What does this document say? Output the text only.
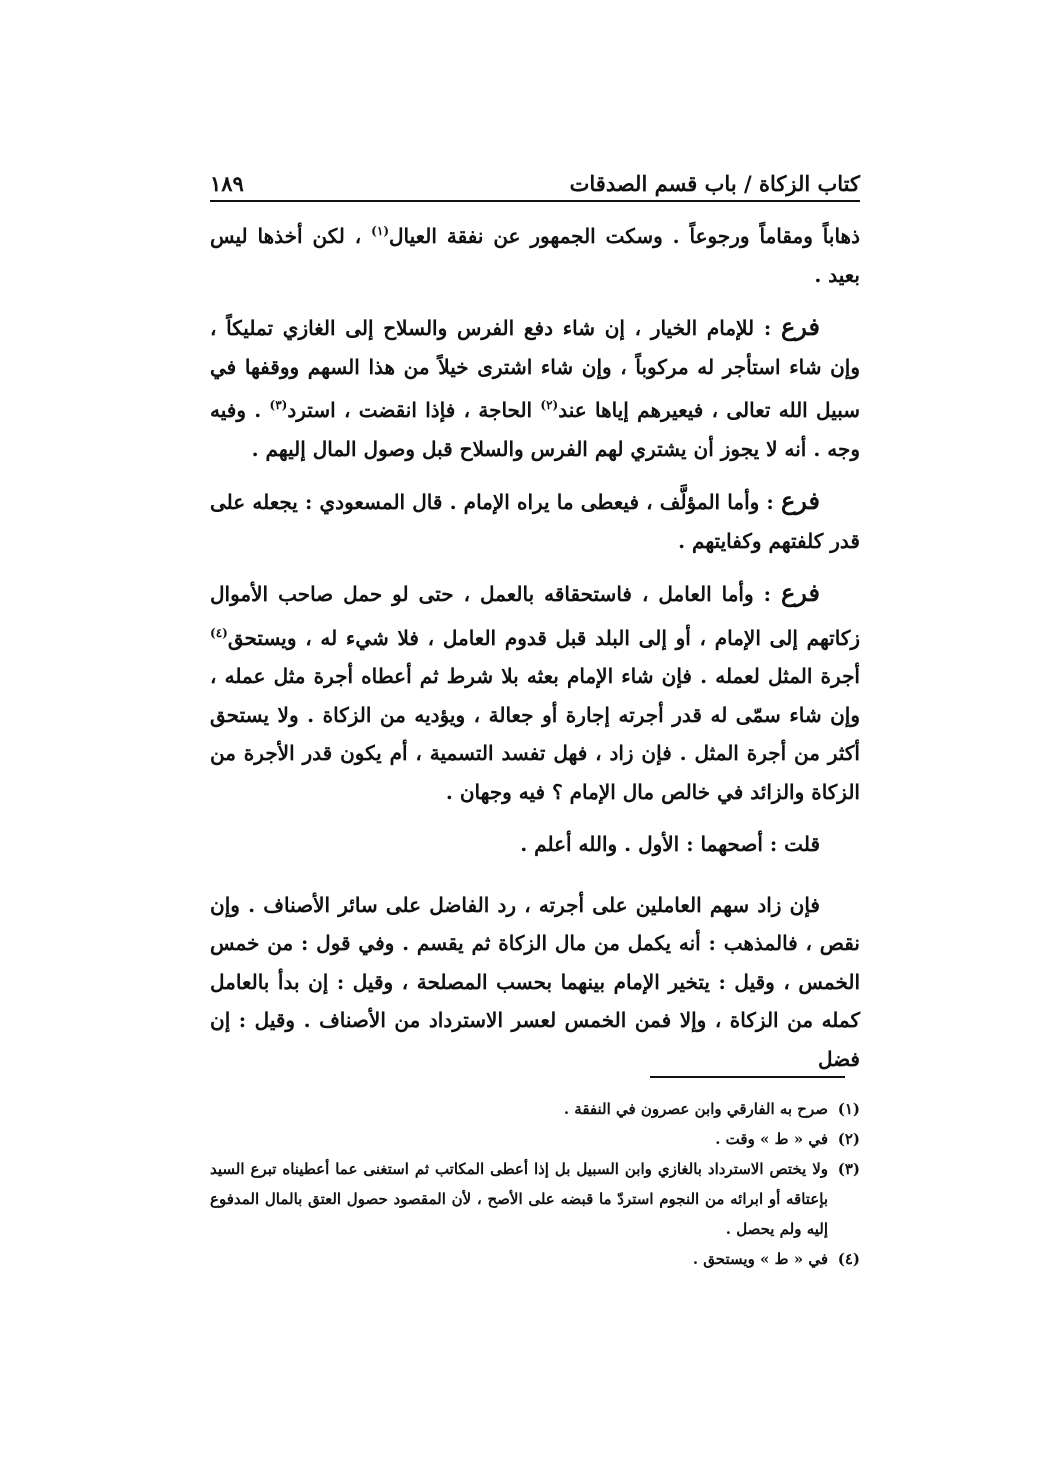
كتاب الزكاة / باب قسم الصدقات
١٨٩

ذهاباً ومقاماً ورجوعاً . وسكت الجمهور عن نفقة العيال$^{(١)}$ ، لكن أخذها ليس بعيد .

فرع : للإمام الخيار ، إن شاء دفع الفرس والسلاح إلى الغازي تمليكاً ، وإن شاء استأجر له مركوباً ، وإن شاء اشترى خيلاً من هذا السهم ووقفها في سبيل الله تعالى ، فيعيرهم إياها عند$^{(٢)}$ الحاجة ، فإذا انقضت ، استرد$^{(٣)}$ . وفيه وجه . أنه لا يجوز أن يشتري لهم الفرس والسلاح قبل وصول المال إليهم .

فرع : وأما المؤلَّف ، فيعطى ما يراه الإمام . قال المسعودي : يجعله على قدر كلفتهم وكفايتهم .

فرع : وأما العامل ، فاستحقاقه بالعمل ، حتى لو حمل صاحب الأموال زكاتهم إلى الإمام ، أو إلى البلد قبل قدوم العامل ، فلا شيء له ، ويستحق$^{(٤)}$ أجرة المثل لعمله . فإن شاء الإمام بعثه بلا شرط ثم أعطاه أجرة مثل عمله ، وإن شاء سمّى له قدر أجرته إجارة أو جعالة ، ويؤديه من الزكاة . ولا يستحق أكثر من أجرة المثل . فإن زاد ، فهل تفسد التسمية ، أم يكون قدر الأجرة من الزكاة والزائد في خالص مال الإمام ؟ فيه وجهان .

قلت : أصحهما : الأول . والله أعلم .

فإن زاد سهم العاملين على أجرته ، رد الفاضل على سائر الأصناف . وإن نقص ، فالمذهب : أنه يكمل من مال الزكاة ثم يقسم . وفي قول : من خمس الخمس ، وقيل : يتخير الإمام بينهما بحسب المصلحة ، وقيل : إن بدأ بالعامل كمله من الزكاة ، وإلا فمن الخمس لعسر الاسترداد من الأصناف . وقيل : إن فضل

(١)
صرح به الفارقي وابن عصرون في النفقة .
(٢)
في « ط » وقت .
(٣)
ولا يختص الاسترداد بالغازي وابن السبيل بل إذا أعطى المكاتب ثم استغنى عما أعطيناه تبرع السيد بإعتاقه أو ابرائه من النجوم استردّ ما قبضه على الأصح ، لأن المقصود حصول العتق بالمال المدفوع إليه ولم يحصل .
(٤)
في « ط » ويستحق .
